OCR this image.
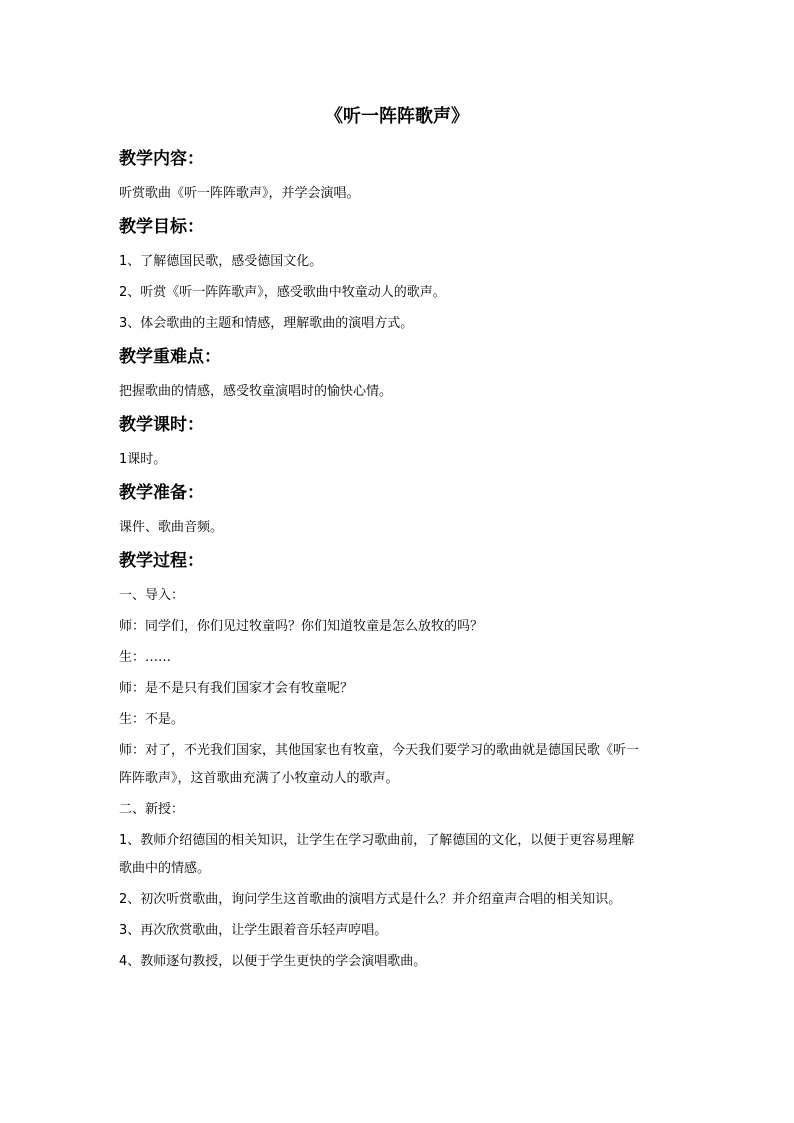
《听一阵阵歌声》
教学内容：

听赏歌曲《听一阵阵歌声》，并学会演唱。

教学目标：

1、了解德国民歌，感受德国文化。

2、听赏《听一阵阵歌声》，感受歌曲中牧童动人的歌声。

3、体会歌曲的主题和情感，理解歌曲的演唱方式。

教学重难点：

把握歌曲的情感，感受牧童演唱时的愉快心情。

教学课时：

1课时。

教学准备：

课件、歌曲音频。

教学过程：

一、导入：

师：同学们，你们见过牧童吗？你们知道牧童是怎么放牧的吗？

生：……

师：是不是只有我们国家才会有牧童呢？

生：不是。

师：对了，不光我们国家，其他国家也有牧童，今天我们要学习的歌曲就是德国民歌《听一

阵阵歌声》，这首歌曲充满了小牧童动人的歌声。

二、新授：

1、教师介绍德国的相关知识，让学生在学习歌曲前，了解德国的文化，以便于更容易理解

歌曲中的情感。

2、初次听赏歌曲，询问学生这首歌曲的演唱方式是什么？并介绍童声合唱的相关知识。

3、再次欣赏歌曲，让学生跟着音乐轻声哼唱。

4、教师逐句教授，以便于学生更快的学会演唱歌曲。
